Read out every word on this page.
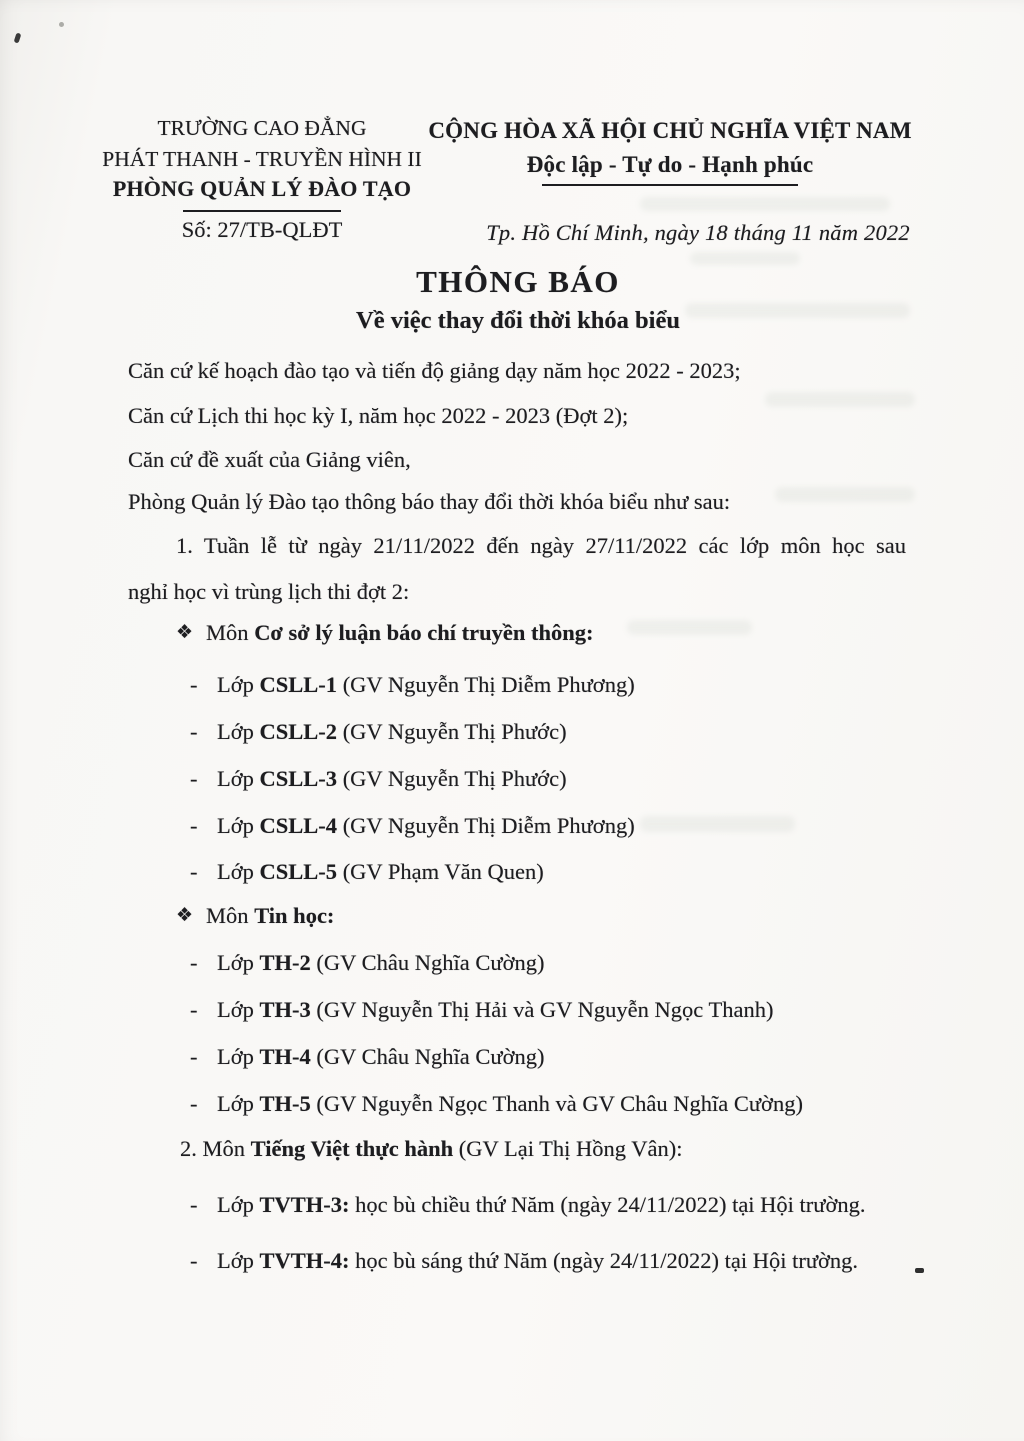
TRƯỜNG CAO ĐẲNG
PHÁT THANH - TRUYỀN HÌNH II
PHÒNG QUẢN LÝ ĐÀO TẠO
Số: 27/TB-QLĐT
CỘNG HÒA XÃ HỘI CHỦ NGHĨA VIỆT NAM
Độc lập - Tự do - Hạnh phúc
Tp. Hồ Chí Minh, ngày 18 tháng 11 năm 2022
THÔNG BÁO
Về việc thay đổi thời khóa biểu
Căn cứ kế hoạch đào tạo và tiến độ giảng dạy năm học 2022 - 2023;
Căn cứ Lịch thi học kỳ I, năm học 2022 - 2023 (Đợt 2);
Căn cứ đề xuất của Giảng viên,
Phòng Quản lý Đào tạo thông báo thay đổi thời khóa biểu như sau:
1. Tuần lễ từ ngày 21/11/2022 đến ngày 27/11/2022 các lớp môn học sau
nghỉ học vì trùng lịch thi đợt 2:
❖ Môn Cơ sở lý luận báo chí truyền thông:
- Lớp CSLL-1 (GV Nguyễn Thị Diễm Phương)
- Lớp CSLL-2 (GV Nguyễn Thị Phước)
- Lớp CSLL-3 (GV Nguyễn Thị Phước)
- Lớp CSLL-4 (GV Nguyễn Thị Diễm Phương)
- Lớp CSLL-5 (GV Phạm Văn Quen)
❖ Môn Tin học:
- Lớp TH-2 (GV Châu Nghĩa Cường)
- Lớp TH-3 (GV Nguyễn Thị Hải và GV Nguyễn Ngọc Thanh)
- Lớp TH-4 (GV Châu Nghĩa Cường)
- Lớp TH-5 (GV Nguyễn Ngọc Thanh và GV Châu Nghĩa Cường)
2. Môn Tiếng Việt thực hành (GV Lại Thị Hồng Vân):
- Lớp TVTH-3: học bù chiều thứ Năm (ngày 24/11/2022) tại Hội trường.
- Lớp TVTH-4: học bù sáng thứ Năm (ngày 24/11/2022) tại Hội trường.
